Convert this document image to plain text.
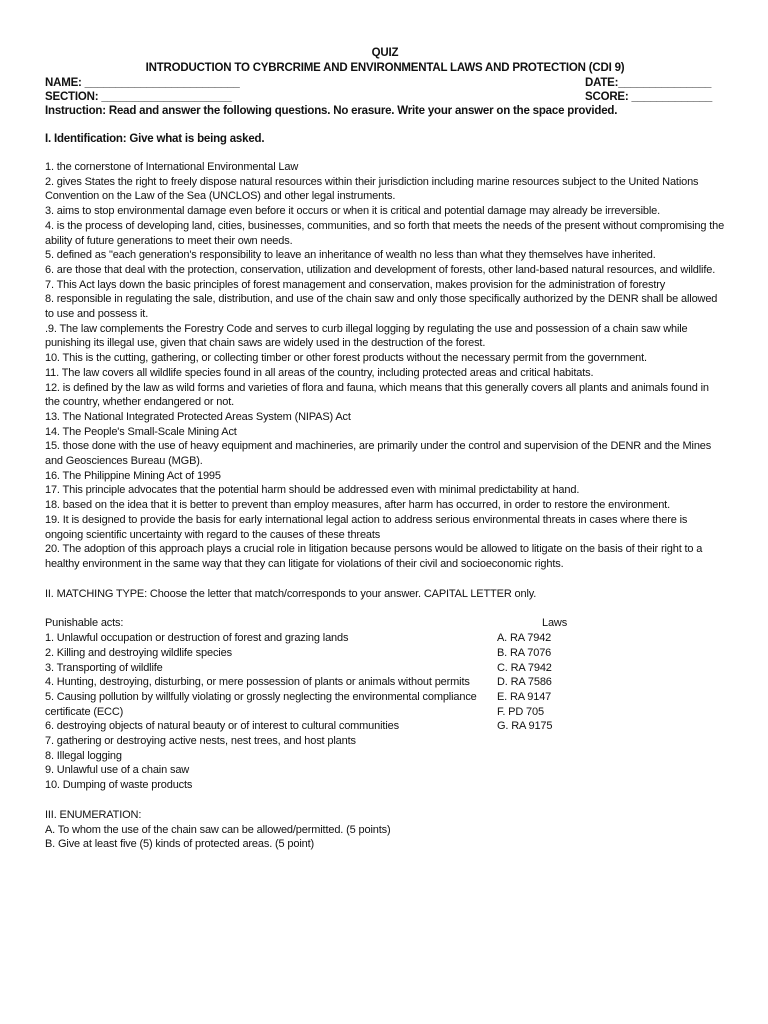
QUIZ
INTRODUCTION TO CYBRCRIME AND ENVIRONMENTAL LAWS AND PROTECTION (CDI 9)
NAME: _________________________	DATE:_______________
SECTION: _____________________	SCORE: _____________
Instruction: Read and answer the following questions. No erasure. Write your answer on the space provided.
I. Identification: Give what is being asked.
1. the cornerstone of International Environmental Law
2. gives States the right to freely dispose natural resources within their jurisdiction including marine resources subject to the United Nations Convention on the Law of the Sea (UNCLOS) and other legal instruments.
3. aims to stop environmental damage even before it occurs or when it is critical and potential damage may already be irreversible.
4. is the process of developing land, cities, businesses, communities, and so forth that meets the needs of the present without compromising the ability of future generations to meet their own needs.
5. defined as "each generation's responsibility to leave an inheritance of wealth no less than what they themselves have inherited.
6. are those that deal with the protection, conservation, utilization and development of forests, other land-based natural resources, and wildlife.
7. This Act lays down the basic principles of forest management and conservation, makes provision for the administration of forestry
8. responsible in regulating the sale, distribution, and use of the chain saw and only those specifically authorized by the DENR shall be allowed to use and possess it.
.9. The law complements the Forestry Code and serves to curb illegal logging by regulating the use and possession of a chain saw while punishing its illegal use, given that chain saws are widely used in the destruction of the forest.
10. This is the cutting, gathering, or collecting timber or other forest products without the necessary permit from the government.
11. The law covers all wildlife species found in all areas of the country, including protected areas and critical habitats.
12. is defined by the law as wild forms and varieties of flora and fauna, which means that this generally covers all plants and animals found in the country, whether endangered or not.
13. The National Integrated Protected Areas System (NIPAS) Act
14. The People's Small-Scale Mining Act
15. those done with the use of heavy equipment and machineries, are primarily under the control and supervision of the DENR and the Mines and Geosciences Bureau (MGB).
16. The Philippine Mining Act of 1995
17. This principle advocates that the potential harm should be addressed even with minimal predictability at hand.
18. based on the idea that it is better to prevent than employ measures, after harm has occurred, in order to restore the environment.
19. It is designed to provide the basis for early international legal action to address serious environmental threats in cases where there is ongoing scientific uncertainty with regard to the causes of these threats
20. The adoption of this approach plays a crucial role in litigation because persons would be allowed to litigate on the basis of their right to a healthy environment in the same way that they can litigate for violations of their civil and socioeconomic rights.
II. MATCHING TYPE: Choose the letter that match/corresponds to your answer. CAPITAL LETTER only.
Punishable acts:
1. Unlawful occupation or destruction of forest and grazing lands
2. Killing and destroying wildlife species
3. Transporting of wildlife
4. Hunting, destroying, disturbing, or mere possession of plants or animals without permits
5. Causing pollution by willfully violating or grossly neglecting the environmental compliance certificate (ECC)
6. destroying objects of natural beauty or of interest to cultural communities
7. gathering or destroying active nests, nest trees, and host plants
8. Illegal logging
9. Unlawful use of a chain saw
10. Dumping of waste products
Laws
A. RA 7942
B. RA 7076
C. RA 7942
D. RA 7586
E. RA 9147
F. PD 705
G. RA 9175
III. ENUMERATION:
A. To whom the use of the chain saw can be allowed/permitted. (5 points)
B. Give at least five (5) kinds of protected areas. (5 point)
